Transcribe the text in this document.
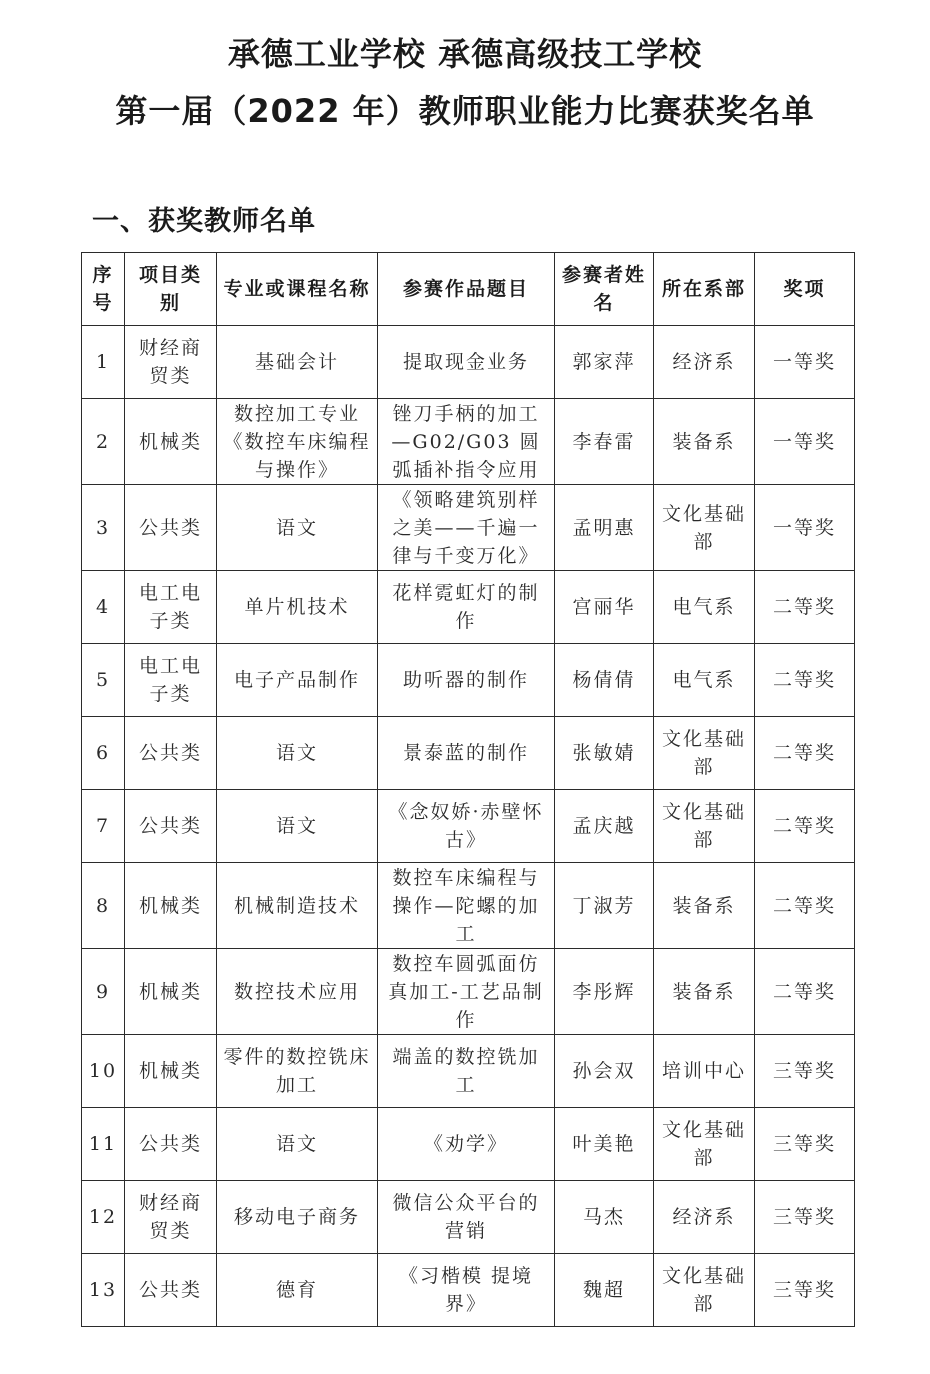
承德工业学校 承德高级技工学校
第一届（2022 年）教师职业能力比赛获奖名单
一、获奖教师名单
序号	项目类别	专业或课程名称	参赛作品题目	参赛者姓名	所在系部	奖项
1	财经商贸类	基础会计	提取现金业务	郭家萍	经济系	一等奖
2	机械类	数控加工专业《数控车床编程与操作》	锉刀手柄的加工—G02/G03 圆弧插补指令应用	李春雷	装备系	一等奖
3	公共类	语文	《领略建筑别样之美——千遍一律与千变万化》	孟明惠	文化基础部	一等奖
4	电工电子类	单片机技术	花样霓虹灯的制作	宫丽华	电气系	二等奖
5	电工电子类	电子产品制作	助听器的制作	杨倩倩	电气系	二等奖
6	公共类	语文	景泰蓝的制作	张敏婧	文化基础部	二等奖
7	公共类	语文	《念奴娇·赤壁怀古》	孟庆越	文化基础部	二等奖
8	机械类	机械制造技术	数控车床编程与操作—陀螺的加工	丁淑芳	装备系	二等奖
9	机械类	数控技术应用	数控车圆弧面仿真加工-工艺品制作	李彤辉	装备系	二等奖
10	机械类	零件的数控铣床加工	端盖的数控铣加工	孙会双	培训中心	三等奖
11	公共类	语文	《劝学》	叶美艳	文化基础部	三等奖
12	财经商贸类	移动电子商务	微信公众平台的营销	马杰	经济系	三等奖
13	公共类	德育	《习楷模 提境界》	魏超	文化基础部	三等奖
